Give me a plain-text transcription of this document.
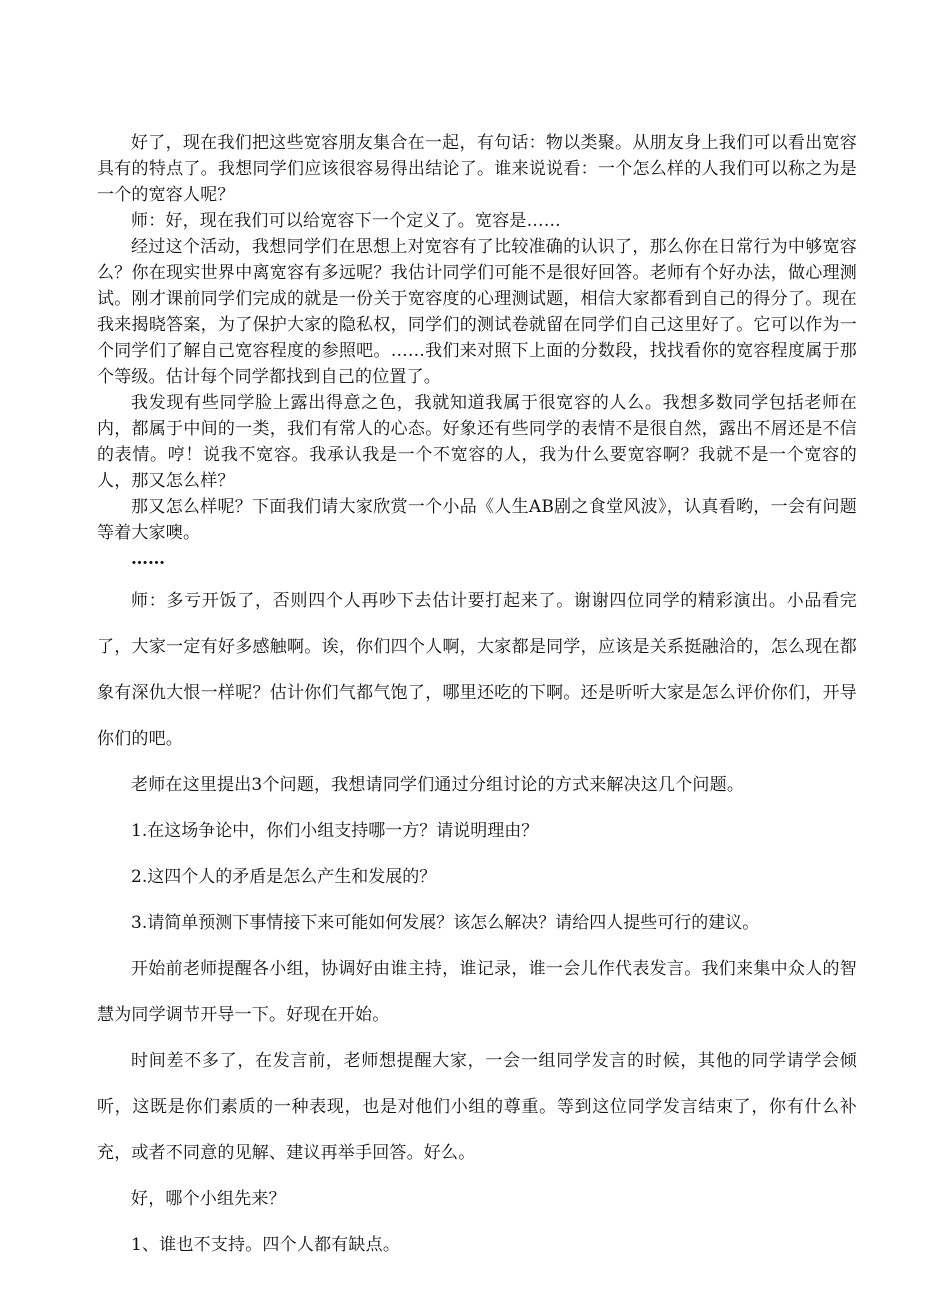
好了，现在我们把这些宽容朋友集合在一起，有句话：物以类聚。从朋友身上我们可以看出宽容具有的特点了。我想同学们应该很容易得出结论了。谁来说说看：一个怎么样的人我们可以称之为是一个的宽容人呢？

师：好，现在我们可以给宽容下一个定义了。宽容是……

经过这个活动，我想同学们在思想上对宽容有了比较准确的认识了，那么你在日常行为中够宽容么？你在现实世界中离宽容有多远呢？我估计同学们可能不是很好回答。老师有个好办法，做心理测试。刚才课前同学们完成的就是一份关于宽容度的心理测试题，相信大家都看到自己的得分了。现在我来揭晓答案，为了保护大家的隐私权，同学们的测试卷就留在同学们自己这里好了。它可以作为一个同学们了解自己宽容程度的参照吧。……我们来对照下上面的分数段，找找看你的宽容程度属于那个等级。估计每个同学都找到自己的位置了。

我发现有些同学脸上露出得意之色，我就知道我属于很宽容的人么。我想多数同学包括老师在内，都属于中间的一类，我们有常人的心态。好象还有些同学的表情不是很自然，露出不屑还是不信的表情。哼！说我不宽容。我承认我是一个不宽容的人，我为什么要宽容啊？我就不是一个宽容的人，那又怎么样？

那又怎么样呢？下面我们请大家欣赏一个小品《人生AB剧之食堂风波》，认真看哟，一会有问题等着大家噢。

……

师：多亏开饭了，否则四个人再吵下去估计要打起来了。谢谢四位同学的精彩演出。小品看完了，大家一定有好多感触啊。诶，你们四个人啊，大家都是同学，应该是关系挺融洽的，怎么现在都象有深仇大恨一样呢？估计你们气都气饱了，哪里还吃的下啊。还是听听大家是怎么评价你们，开导你们的吧。

老师在这里提出3个问题，我想请同学们通过分组讨论的方式来解决这几个问题。

1.在这场争论中，你们小组支持哪一方？请说明理由？

2.这四个人的矛盾是怎么产生和发展的？

3.请简单预测下事情接下来可能如何发展？该怎么解决？请给四人提些可行的建议。

开始前老师提醒各小组，协调好由谁主持，谁记录，谁一会儿作代表发言。我们来集中众人的智慧为同学调节开导一下。好现在开始。

时间差不多了，在发言前，老师想提醒大家，一会一组同学发言的时候，其他的同学请学会倾听，这既是你们素质的一种表现，也是对他们小组的尊重。等到这位同学发言结束了，你有什么补充，或者不同意的见解、建议再举手回答。好么。

好，哪个小组先来？

1、谁也不支持。四个人都有缺点。
